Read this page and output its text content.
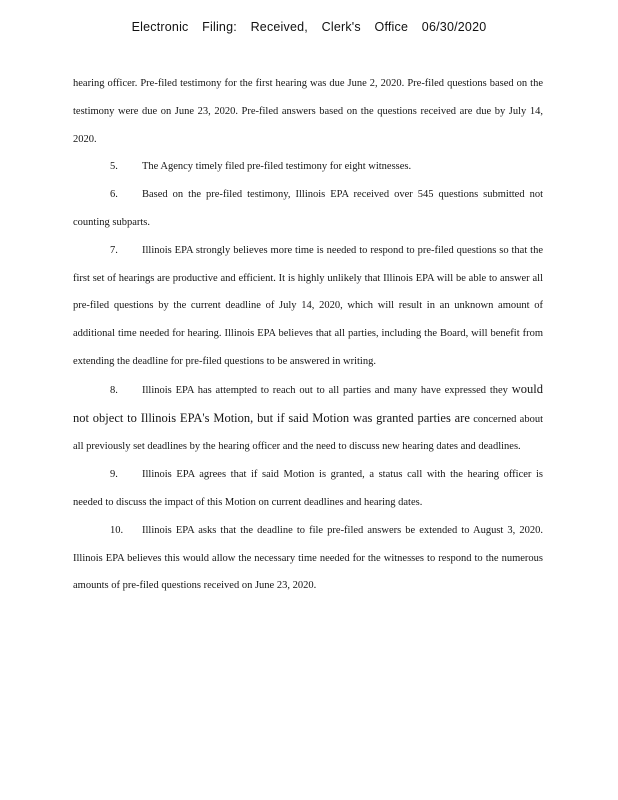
Electronic Filing: Received, Clerk's Office 06/30/2020

hearing officer. Pre-filed testimony for the first hearing was due June 2, 2020. Pre-filed questions based on the testimony were due on June 23, 2020. Pre-filed answers based on the questions received are due by July 14, 2020.

5. The Agency timely filed pre-filed testimony for eight witnesses.

6. Based on the pre-filed testimony, Illinois EPA received over 545 questions submitted not counting subparts.

7. Illinois EPA strongly believes more time is needed to respond to pre-filed questions so that the first set of hearings are productive and efficient. It is highly unlikely that Illinois EPA will be able to answer all pre-filed questions by the current deadline of July 14, 2020, which will result in an unknown amount of additional time needed for hearing. Illinois EPA believes that all parties, including the Board, will benefit from extending the deadline for pre-filed questions to be answered in writing.

8. Illinois EPA has attempted to reach out to all parties and many have expressed they would not object to Illinois EPA's Motion, but if said Motion was granted parties are concerned about all previously set deadlines by the hearing officer and the need to discuss new hearing dates and deadlines.

9. Illinois EPA agrees that if said Motion is granted, a status call with the hearing officer is needed to discuss the impact of this Motion on current deadlines and hearing dates.

10. Illinois EPA asks that the deadline to file pre-filed answers be extended to August 3, 2020. Illinois EPA believes this would allow the necessary time needed for the witnesses to respond to the numerous amounts of pre-filed questions received on June 23, 2020.
